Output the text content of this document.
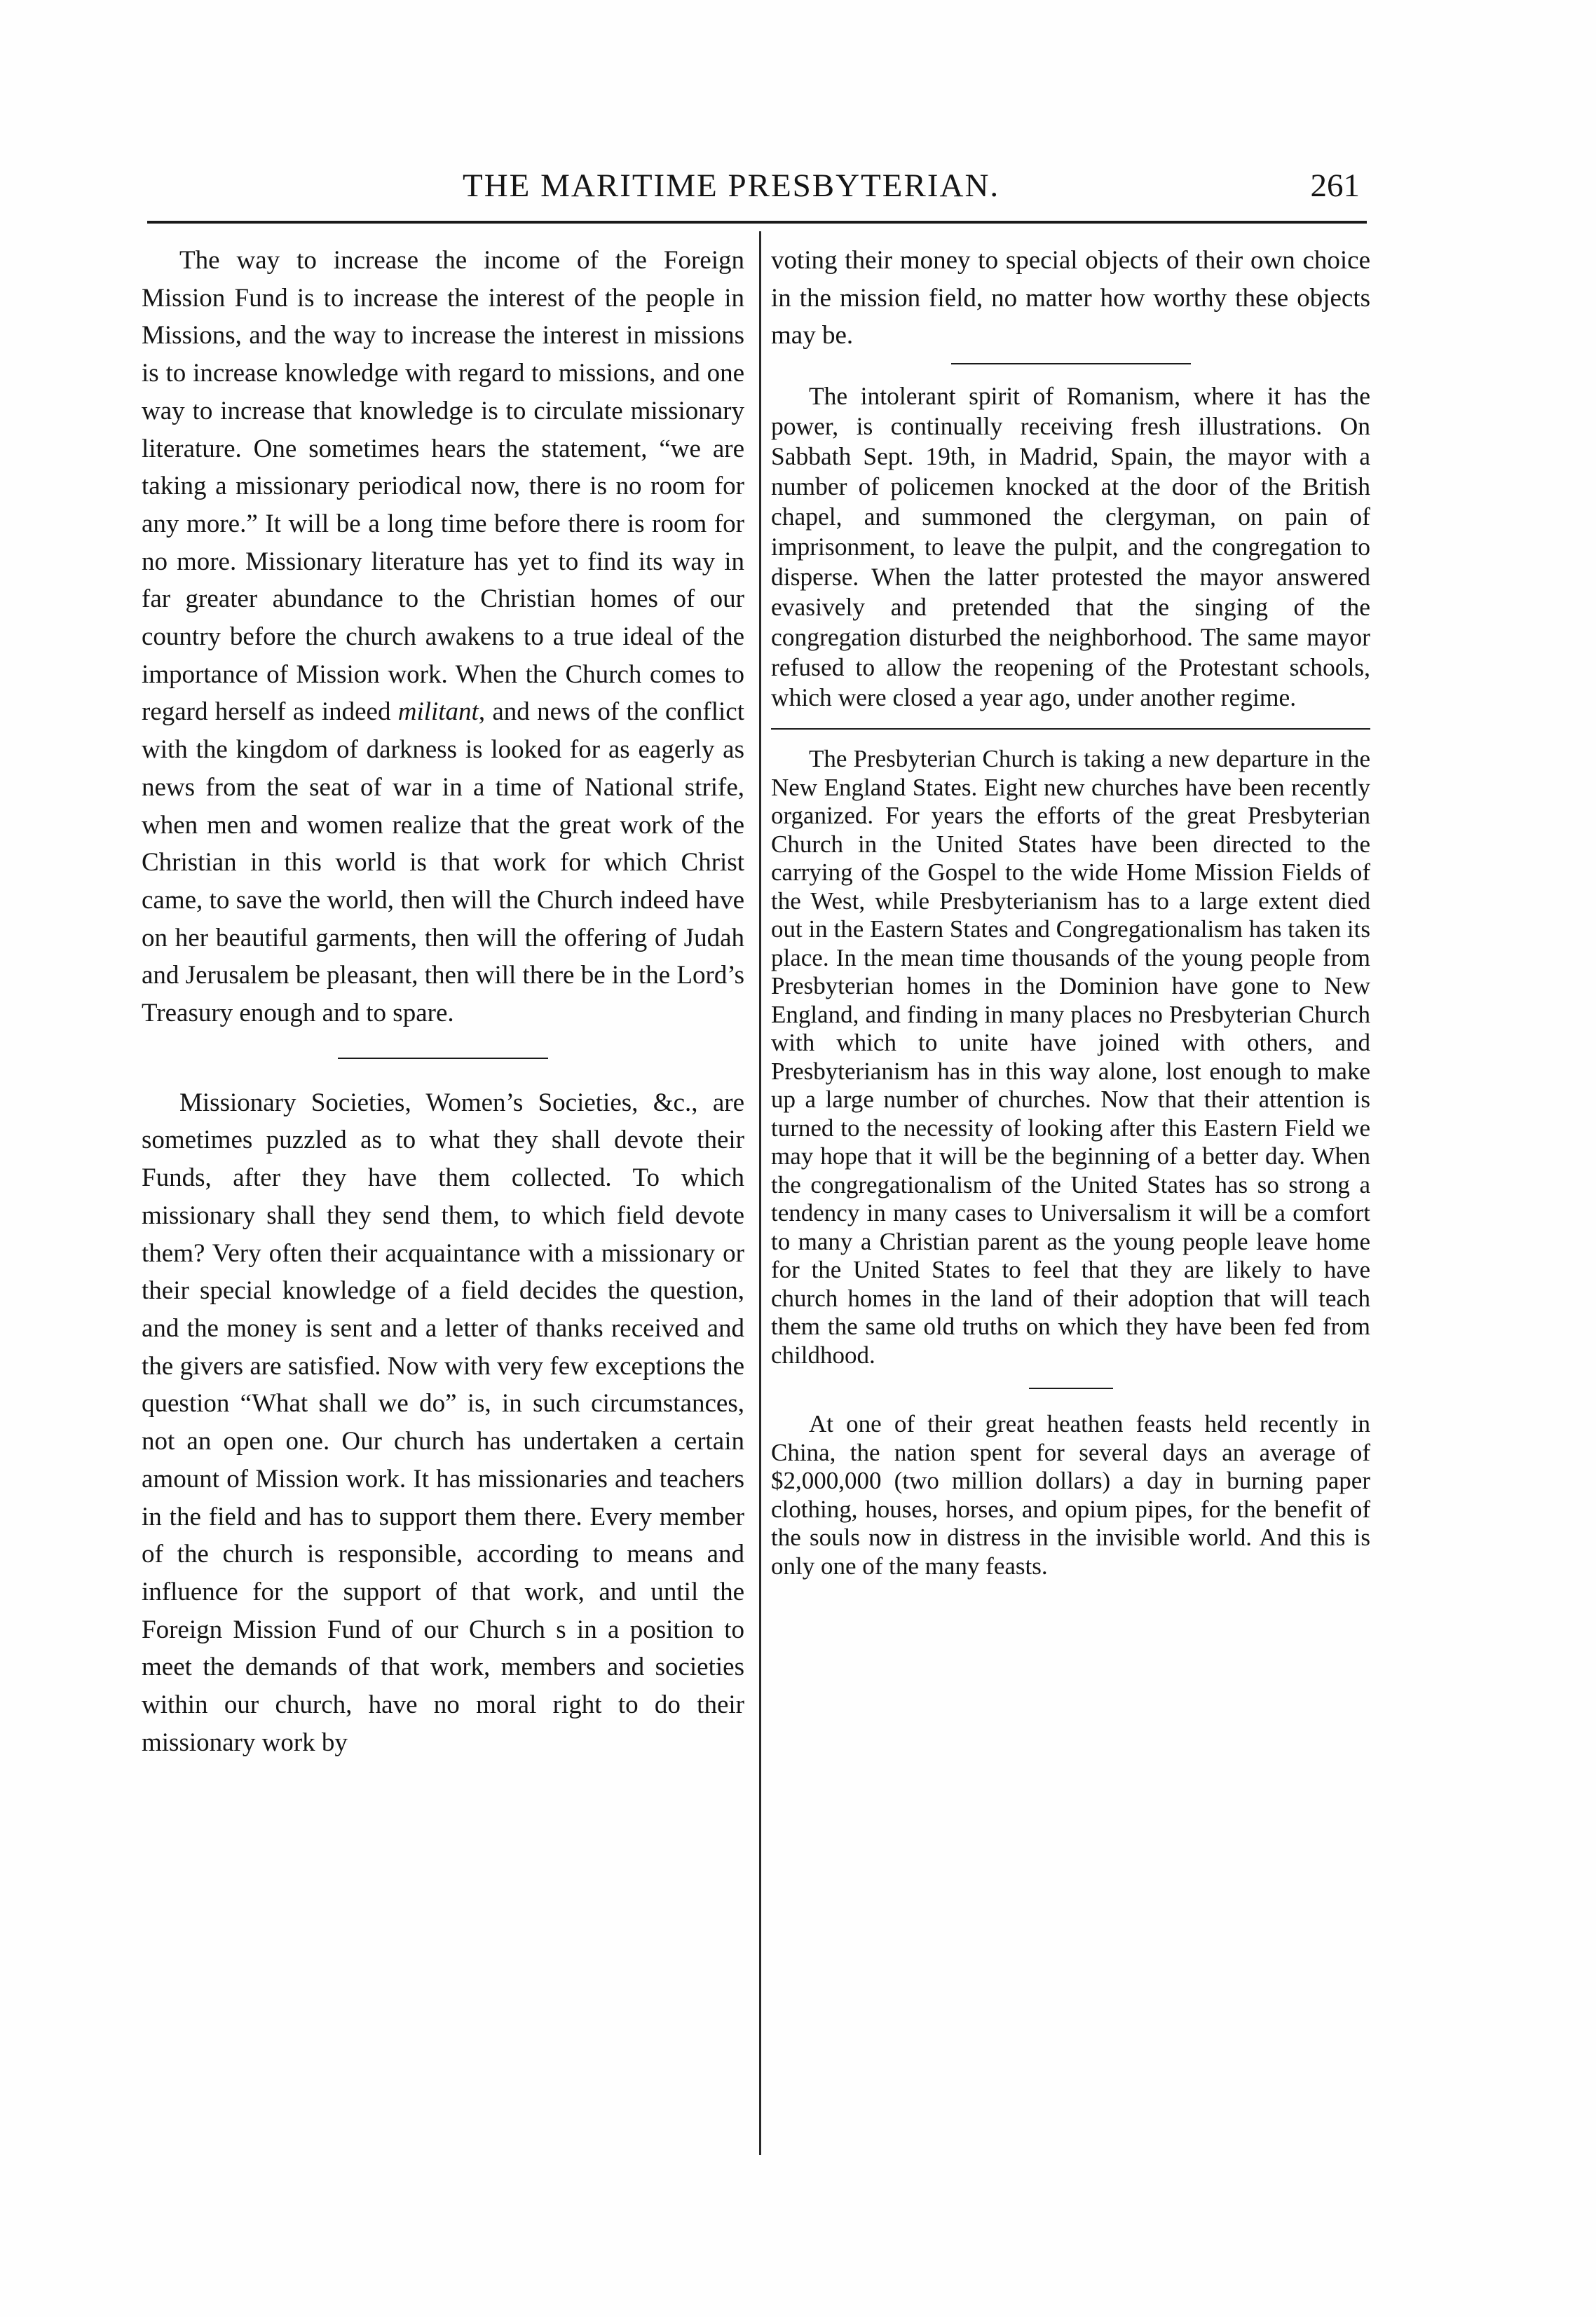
THE MARITIME PRESBYTERIAN.	261

The way to increase the income of the Foreign Mission Fund is to increase the interest of the people in Missions, and the way to increase the interest in missions is to increase knowledge with regard to missions, and one way to increase that knowledge is to circulate missionary literature. One sometimes hears the statement, “we are taking a missionary periodical now, there is no room for any more.” It will be a long time before there is room for no more. Missionary literature has yet to find its way in far greater abundance to the Christian homes of our country before the church awakens to a true ideal of the importance of Mission work. When the Church comes to regard herself as indeed militant, and news of the conflict with the kingdom of darkness is looked for as eagerly as news from the seat of war in a time of National strife, when men and women realize that the great work of the Christian in this world is that work for which Christ came, to save the world, then will the Church indeed have on her beautiful garments, then will the offering of Judah and Jerusalem be pleasant, then will there be in the Lord’s Treasury enough and to spare.

Missionary Societies, Women’s Societies, &c., are sometimes puzzled as to what they shall devote their Funds, after they have them collected. To which missionary shall they send them, to which field devote them? Very often their acquaintance with a missionary or their special knowledge of a field decides the question, and the money is sent and a letter of thanks received and the givers are satisfied. Now with very few exceptions the question “What shall we do” is, in such circumstances, not an open one. Our church has undertaken a certain amount of Mission work. It has missionaries and teachers in the field and has to support them there. Every member of the church is responsible, according to means and influence for the support of that work, and until the Foreign Mission Fund of our Church s in a position to meet the demands of that work, members and societies within our church, have no moral right to do their missionary work by

voting their money to special objects of their own choice in the mission field, no matter how worthy these objects may be.

The intolerant spirit of Romanism, where it has the power, is continually receiving fresh illustrations. On Sabbath Sept. 19th, in Madrid, Spain, the mayor with a number of policemen knocked at the door of the British chapel, and summoned the clergyman, on pain of imprisonment, to leave the pulpit, and the congregation to disperse. When the latter protested the mayor answered evasively and pretended that the singing of the congregation disturbed the neighborhood. The same mayor refused to allow the reopening of the Protestant schools, which were closed a year ago, under another regime.

The Presbyterian Church is taking a new departure in the New England States. Eight new churches have been recently organized. For years the efforts of the great Presbyterian Church in the United States have been directed to the carrying of the Gospel to the wide Home Mission Fields of the West, while Presbyterianism has to a large extent died out in the Eastern States and Congregationalism has taken its place. In the mean time thousands of the young people from Presbyterian homes in the Dominion have gone to New England, and finding in many places no Presbyterian Church with which to unite have joined with others, and Presbyterianism has in this way alone, lost enough to make up a large number of churches. Now that their attention is turned to the necessity of looking after this Eastern Field we may hope that it will be the beginning of a better day. When the congregationalism of the United States has so strong a tendency in many cases to Universalism it will be a comfort to many a Christian parent as the young people leave home for the United States to feel that they are likely to have church homes in the land of their adoption that will teach them the same old truths on which they have been fed from childhood.

At one of their great heathen feasts held recently in China, the nation spent for several days an average of $2,000,000 (two million dollars) a day in burning paper clothing, houses, horses, and opium pipes, for the benefit of the souls now in distress in the invisible world. And this is only one of the many feasts.
